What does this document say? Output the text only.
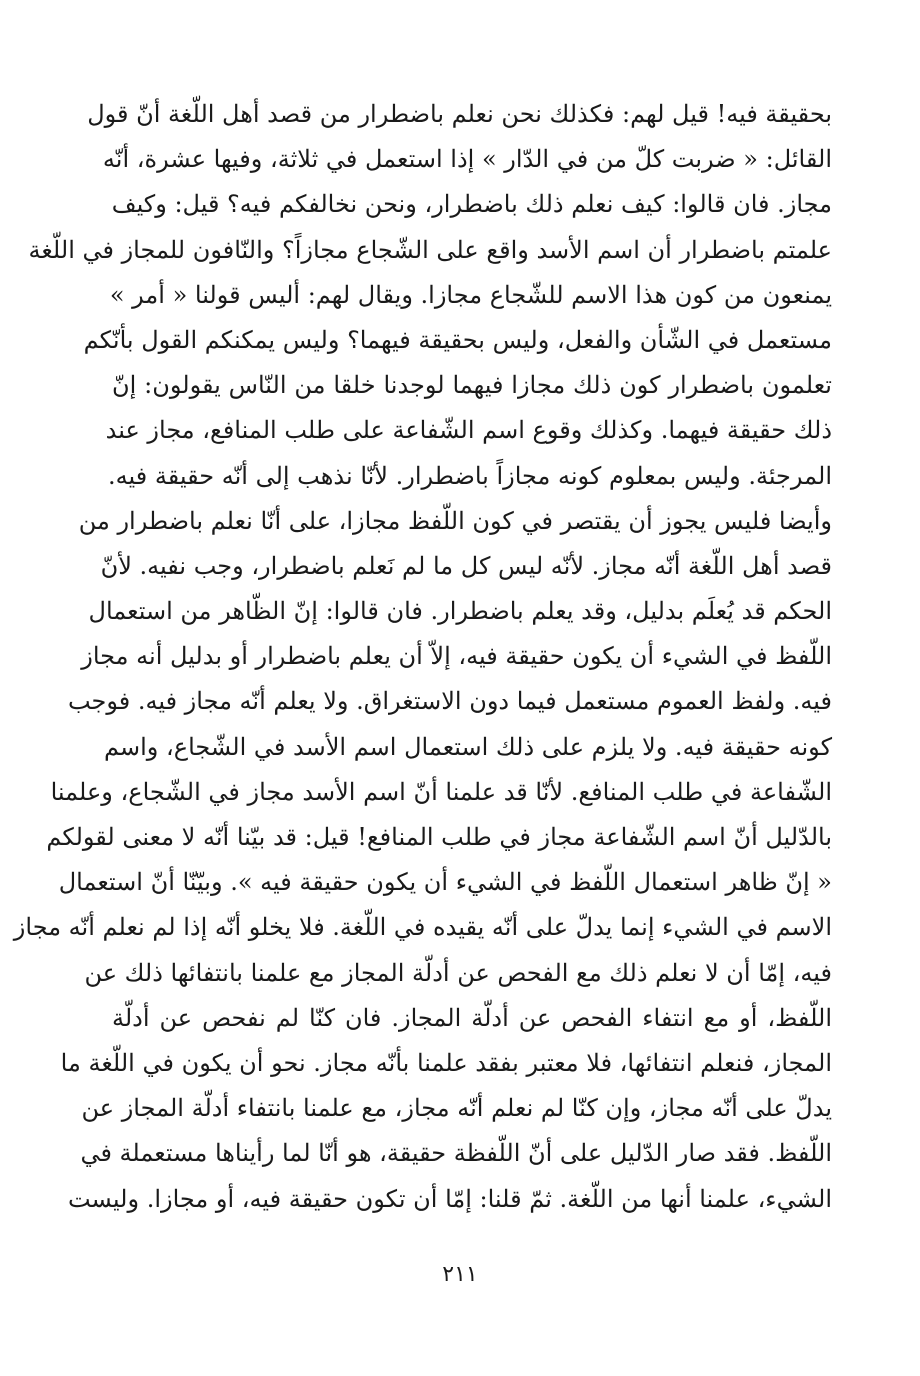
بحقيقة فيه! قيل لهم: فكذلك نحن نعلم باضطرار من قصد أهل اللّغة أنّ قول
القائل: « ضربت كلّ من في الدّار » إذا استعمل في ثلاثة، وفيها عشرة، أنّه
مجاز. فان قالوا: كيف نعلم ذلك باضطرار، ونحن نخالفكم فيه؟ قيل: وكيف
علمتم باضطرار أن اسم الأسد واقع على الشّجاع مجازاً؟ والنّافون للمجاز في اللّغة
يمنعون من كون هذا الاسم للشّجاع مجازا. ويقال لهم: أليس قولنا « أمر »
مستعمل في الشّأن والفعل، وليس بحقيقة فيهما؟ وليس يمكنكم القول بأنّكم
تعلمون باضطرار كون ذلك مجازا فيهما لوجدنا خلقا من النّاس يقولون: إنّ
ذلك حقيقة فيهما. وكذلك وقوع اسم الشّفاعة على طلب المنافع، مجاز عند
المرجئة. وليس بمعلوم كونه مجازاً باضطرار. لأنّا نذهب إلى أنّه حقيقة فيه.
وأيضا فليس يجوز أن يقتصر في كون اللّفظ مجازا، على أنّا نعلم باضطرار من
قصد أهل اللّغة أنّه مجاز. لأنّه ليس كل ما لم نَعلم باضطرار، وجب نفيه. لأنّ
الحكم قد يُعلَم بدليل، وقد يعلم باضطرار. فان قالوا: إنّ الظّاهر من استعمال
اللّفظ في الشيء أن يكون حقيقة فيه، إلاّ أن يعلم باضطرار أو بدليل أنه مجاز
فيه. ولفظ العموم مستعمل فيما دون الاستغراق. ولا يعلم أنّه مجاز فيه. فوجب
كونه حقيقة فيه. ولا يلزم على ذلك استعمال اسم الأسد في الشّجاع، واسم
الشّفاعة في طلب المنافع. لأنّا قد علمنا أنّ اسم الأسد مجاز في الشّجاع، وعلمنا
بالدّليل أنّ اسم الشّفاعة مجاز في طلب المنافع! قيل: قد بيّنا أنّه لا معنى لقولكم
« إنّ ظاهر استعمال اللّفظ في الشيء أن يكون حقيقة فيه ». وبيّنّا أنّ استعمال
الاسم في الشيء إنما يدلّ على أنّه يقيده في اللّغة. فلا يخلو أنّه إذا لم نعلم أنّه مجاز
فيه، إمّا أن لا نعلم ذلك مع الفحص عن أدلّة المجاز مع علمنا بانتفائها ذلك عن
اللّفظ، أو مع انتفاء الفحص عن أدلّة المجاز. فان كنّا لم نفحص عن أدلّة
المجاز، فنعلم انتفائها، فلا معتبر بفقد علمنا بأنّه مجاز. نحو أن يكون في اللّغة ما
يدلّ على أنّه مجاز، وإن كنّا لم نعلم أنّه مجاز، مع علمنا بانتفاء أدلّة المجاز عن
اللّفظ. فقد صار الدّليل على أنّ اللّفظة حقيقة، هو أنّا لما رأيناها مستعملة في
الشيء، علمنا أنها من اللّغة. ثمّ قلنا: إمّا أن تكون حقيقة فيه، أو مجازا. وليست
٢١١
